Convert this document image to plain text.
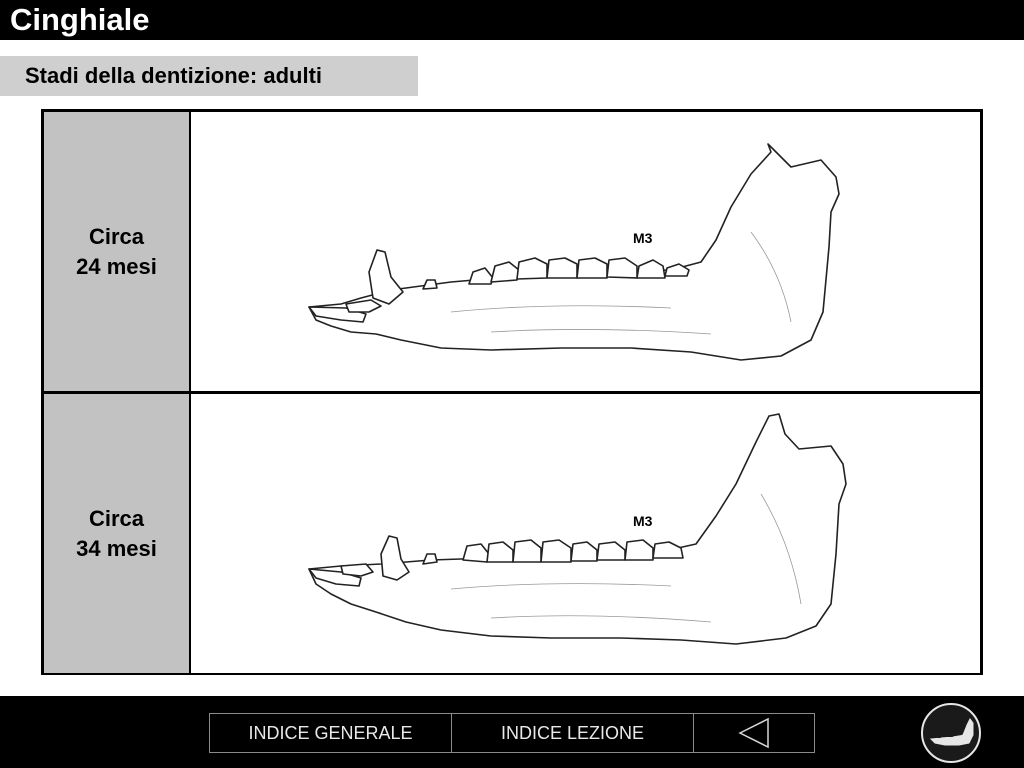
Cinghiale
Stadi della dentizione: adulti
Circa
24 mesi
M3
Circa
34 mesi
M3
INDICE GENERALE	INDICE LEZIONE
